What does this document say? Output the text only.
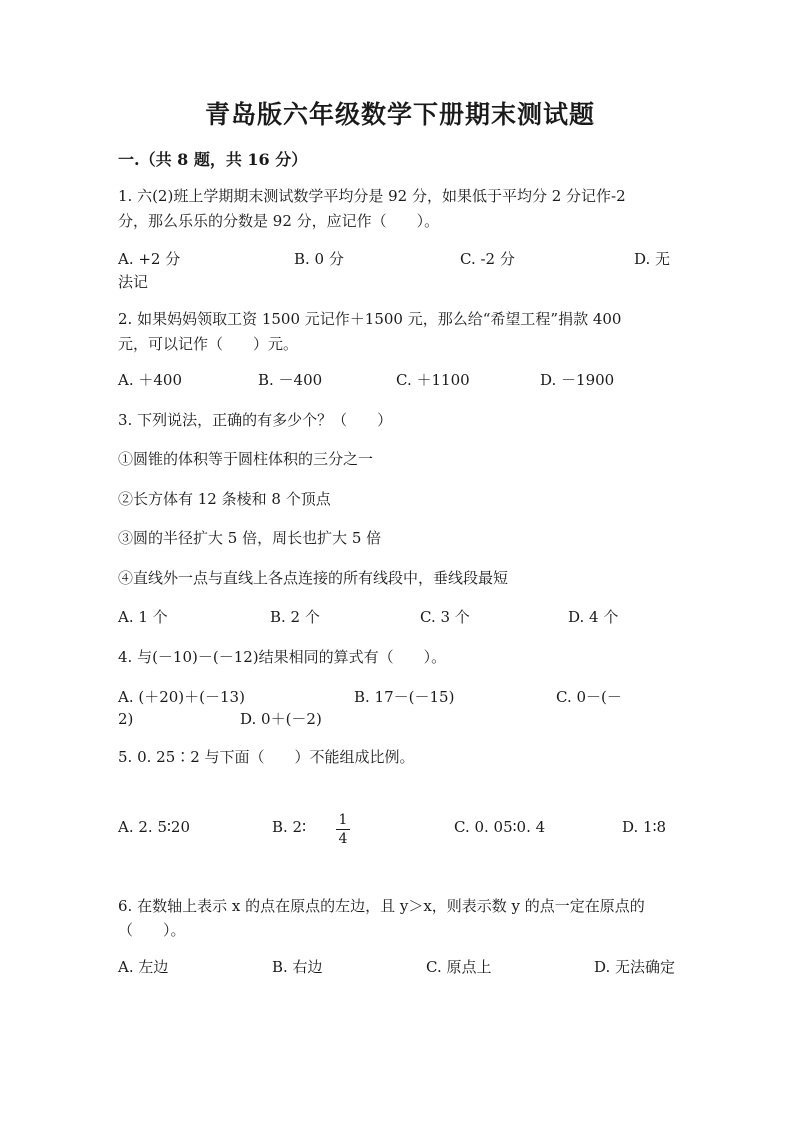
青岛版六年级数学下册期末测试题
一.（共 8 题，共 16 分）
1. 六(2)班上学期期末测试数学平均分是 92 分，如果低于平均分 2 分记作-2
分，那么乐乐的分数是 92 分，应记作（　　）。
A. +2 分	B. 0 分	C. -2 分	D. 无
法记
2. 如果妈妈领取工资 1500 元记作＋1500 元，那么给“希望工程”捐款 400
元，可以记作（　　）元。
A. ＋400	B. －400	C. ＋1100	D. －1900
3. 下列说法，正确的有多少个？（　　）
①圆锥的体积等于圆柱体积的三分之一
②长方体有 12 条棱和 8 个顶点
③圆的半径扩大 5 倍，周长也扩大 5 倍
④直线外一点与直线上各点连接的所有线段中，垂线段最短
A. 1 个	B. 2 个	C. 3 个	D. 4 个
4. 与(－10)－(－12)结果相同的算式有（　　）。
A. (＋20)＋(－13)	B. 17－(－15)	C. 0－(－
2)	D. 0＋(－2)
5. 0. 25∶2 与下面（　　）不能组成比例。
A. 2. 5∶20	B. 2∶ 1
4
C. 0. 05∶0. 4	D. 1∶8
6. 在数轴上表示 x 的点在原点的左边，且 y＞x，则表示数 y 的点一定在原点的
（　　）。
A. 左边	B. 右边	C. 原点上	D. 无法确定
